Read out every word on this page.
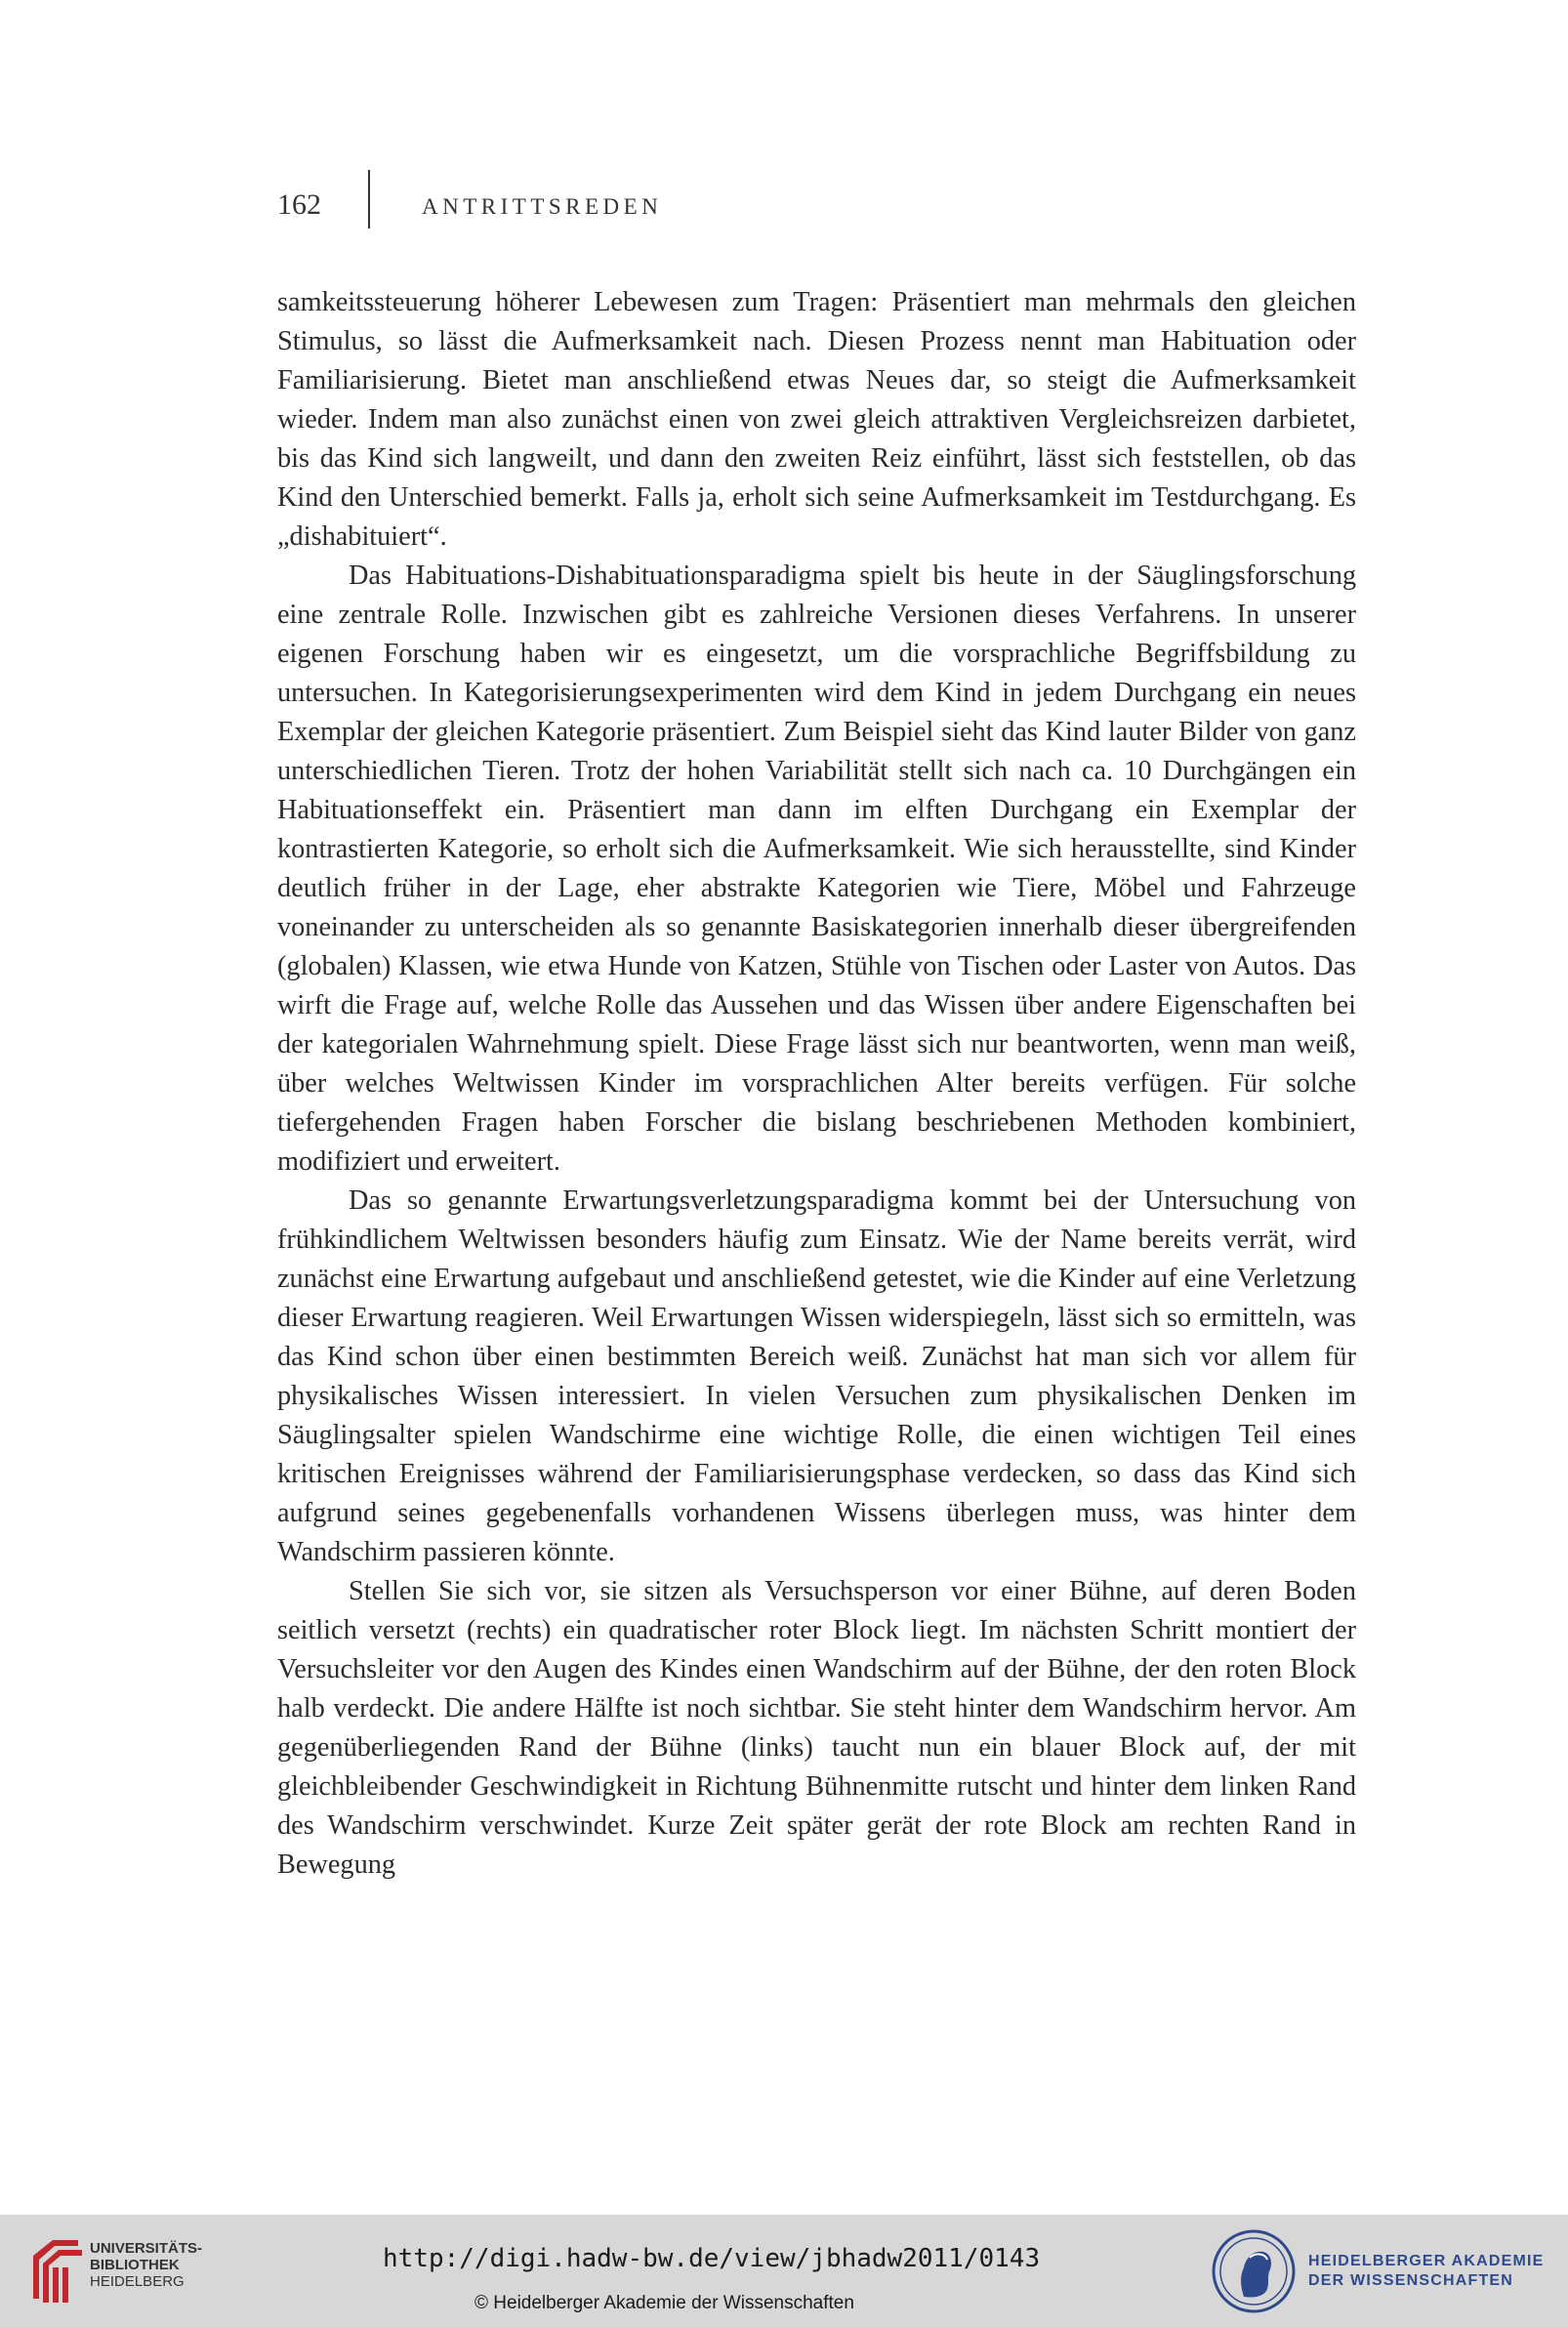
162	ANTRITTSREDEN

samkeitssteuerung höherer Lebewesen zum Tragen: Präsentiert man mehrmals den gleichen Stimulus, so lässt die Aufmerksamkeit nach. Diesen Prozess nennt man Habituation oder Familiarisierung. Bietet man anschließend etwas Neues dar, so steigt die Aufmerksamkeit wieder. Indem man also zunächst einen von zwei gleich attraktiven Vergleichsreizen darbietet, bis das Kind sich langweilt, und dann den zweiten Reiz einführt, lässt sich feststellen, ob das Kind den Unterschied bemerkt. Falls ja, erholt sich seine Aufmerksamkeit im Testdurchgang. Es „dishabituiert“.

Das Habituations-Dishabituationsparadigma spielt bis heute in der Säuglingsforschung eine zentrale Rolle. Inzwischen gibt es zahlreiche Versionen dieses Verfahrens. In unserer eigenen Forschung haben wir es eingesetzt, um die vorsprachliche Begriffsbildung zu untersuchen. In Kategorisierungsexperimenten wird dem Kind in jedem Durchgang ein neues Exemplar der gleichen Kategorie präsentiert. Zum Beispiel sieht das Kind lauter Bilder von ganz unterschiedlichen Tieren. Trotz der hohen Variabilität stellt sich nach ca. 10 Durchgängen ein Habituationseffekt ein. Präsentiert man dann im elften Durchgang ein Exemplar der kontrastierten Kategorie, so erholt sich die Aufmerksamkeit. Wie sich herausstellte, sind Kinder deutlich früher in der Lage, eher abstrakte Kategorien wie Tiere, Möbel und Fahrzeuge voneinander zu unterscheiden als so genannte Basiskategorien innerhalb dieser übergreifenden (globalen) Klassen, wie etwa Hunde von Katzen, Stühle von Tischen oder Laster von Autos. Das wirft die Frage auf, welche Rolle das Aussehen und das Wissen über andere Eigenschaften bei der kategorialen Wahrnehmung spielt. Diese Frage lässt sich nur beantworten, wenn man weiß, über welches Weltwissen Kinder im vorsprachlichen Alter bereits verfügen. Für solche tiefergehenden Fragen haben Forscher die bislang beschriebenen Methoden kombiniert, modifiziert und erweitert.

Das so genannte Erwartungsverletzungsparadigma kommt bei der Untersuchung von frühkindlichem Weltwissen besonders häufig zum Einsatz. Wie der Name bereits verrät, wird zunächst eine Erwartung aufgebaut und anschließend getestet, wie die Kinder auf eine Verletzung dieser Erwartung reagieren. Weil Erwartungen Wissen widerspiegeln, lässt sich so ermitteln, was das Kind schon über einen bestimmten Bereich weiß. Zunächst hat man sich vor allem für physikalisches Wissen interessiert. In vielen Versuchen zum physikalischen Denken im Säuglingsalter spielen Wandschirme eine wichtige Rolle, die einen wichtigen Teil eines kritischen Ereignisses während der Familiarisierungsphase verdecken, so dass das Kind sich aufgrund seines gegebenenfalls vorhandenen Wissens überlegen muss, was hinter dem Wandschirm passieren könnte.

Stellen Sie sich vor, sie sitzen als Versuchsperson vor einer Bühne, auf deren Boden seitlich versetzt (rechts) ein quadratischer roter Block liegt. Im nächsten Schritt montiert der Versuchsleiter vor den Augen des Kindes einen Wandschirm auf der Bühne, der den roten Block halb verdeckt. Die andere Hälfte ist noch sichtbar. Sie steht hinter dem Wandschirm hervor. Am gegenüberliegenden Rand der Bühne (links) taucht nun ein blauer Block auf, der mit gleichbleibender Geschwindigkeit in Richtung Bühnenmitte rutscht und hinter dem linken Rand des Wandschirm verschwindet. Kurze Zeit später gerät der rote Block am rechten Rand in Bewegung

UNIVERSITÄTS-
BIBLIOTHEK
HEIDELBERG
http://digi.hadw-bw.de/view/jbhadw2011/0143
© Heidelberger Akademie der Wissenschaften
HEIDELBERGER AKADEMIE
DER WISSENSCHAFTEN
